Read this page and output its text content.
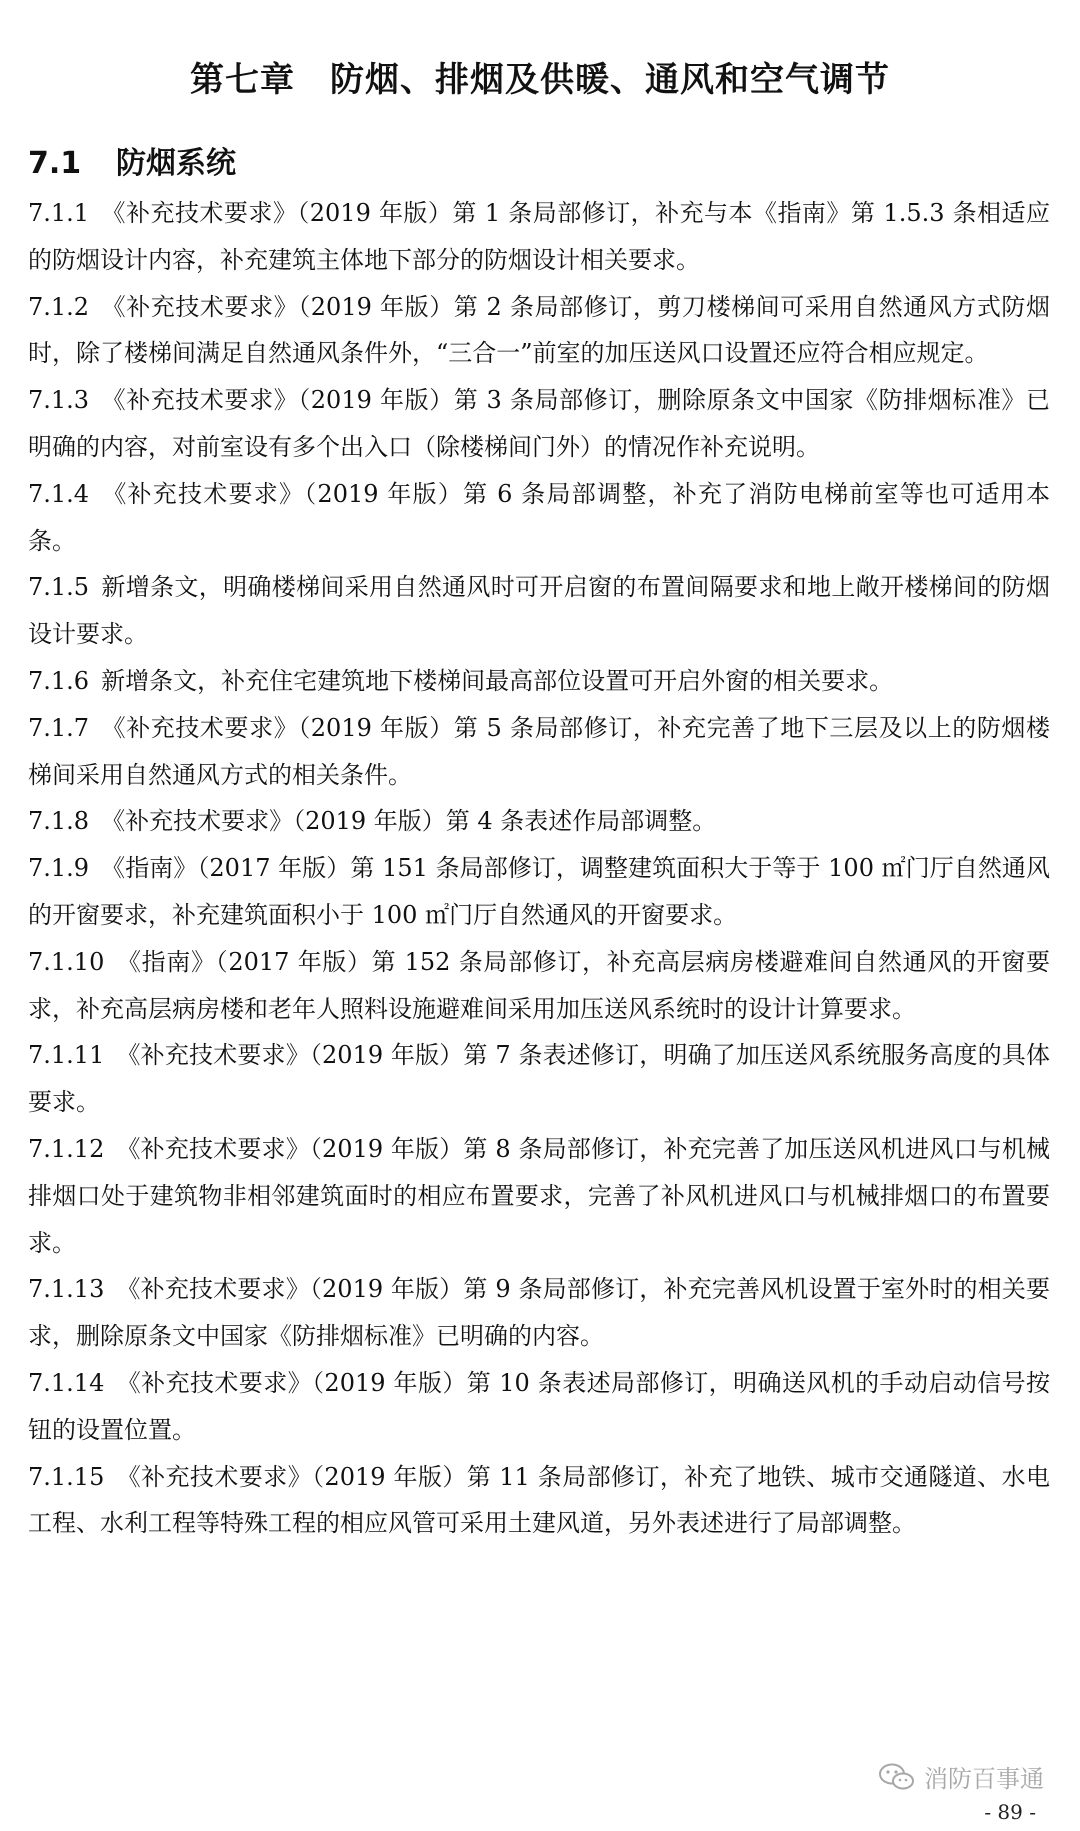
第七章　防烟、排烟及供暖、通风和空气调节
7.1 防烟系统

7.1.1 《补充技术要求》（2019 年版）第 1 条局部修订，补充与本《指南》第 1.5.3 条相适应的防烟设计内容，补充建筑主体地下部分的防烟设计相关要求。

7.1.2 《补充技术要求》（2019 年版）第 2 条局部修订，剪刀楼梯间可采用自然通风方式防烟时，除了楼梯间满足自然通风条件外，“三合一”前室的加压送风口设置还应符合相应规定。

7.1.3 《补充技术要求》（2019 年版）第 3 条局部修订，删除原条文中国家《防排烟标准》已明确的内容，对前室设有多个出入口（除楼梯间门外）的情况作补充说明。

7.1.4 《补充技术要求》（2019 年版）第 6 条局部调整，补充了消防电梯前室等也可适用本条。

7.1.5 新增条文，明确楼梯间采用自然通风时可开启窗的布置间隔要求和地上敞开楼梯间的防烟设计要求。

7.1.6 新增条文，补充住宅建筑地下楼梯间最高部位设置可开启外窗的相关要求。

7.1.7 《补充技术要求》（2019 年版）第 5 条局部修订，补充完善了地下三层及以上的防烟楼梯间采用自然通风方式的相关条件。

7.1.8 《补充技术要求》（2019 年版）第 4 条表述作局部调整。

7.1.9 《指南》（2017 年版）第 151 条局部修订，调整建筑面积大于等于 100 ㎡门厅自然通风的开窗要求，补充建筑面积小于 100 ㎡门厅自然通风的开窗要求。

7.1.10 《指南》（2017 年版）第 152 条局部修订，补充高层病房楼避难间自然通风的开窗要求，补充高层病房楼和老年人照料设施避难间采用加压送风系统时的设计计算要求。

7.1.11 《补充技术要求》（2019 年版）第 7 条表述修订，明确了加压送风系统服务高度的具体要求。

7.1.12 《补充技术要求》（2019 年版）第 8 条局部修订，补充完善了加压送风机进风口与机械排烟口处于建筑物非相邻建筑面时的相应布置要求，完善了补风机进风口与机械排烟口的布置要求。

7.1.13 《补充技术要求》（2019 年版）第 9 条局部修订，补充完善风机设置于室外时的相关要求，删除原条文中国家《防排烟标准》已明确的内容。

7.1.14 《补充技术要求》（2019 年版）第 10 条表述局部修订，明确送风机的手动启动信号按钮的设置位置。

7.1.15 《补充技术要求》（2019 年版）第 11 条局部修订，补充了地铁、城市交通隧道、水电工程、水利工程等特殊工程的相应风管可采用土建风道，另外表述进行了局部调整。

消防百事通
- 89 -
